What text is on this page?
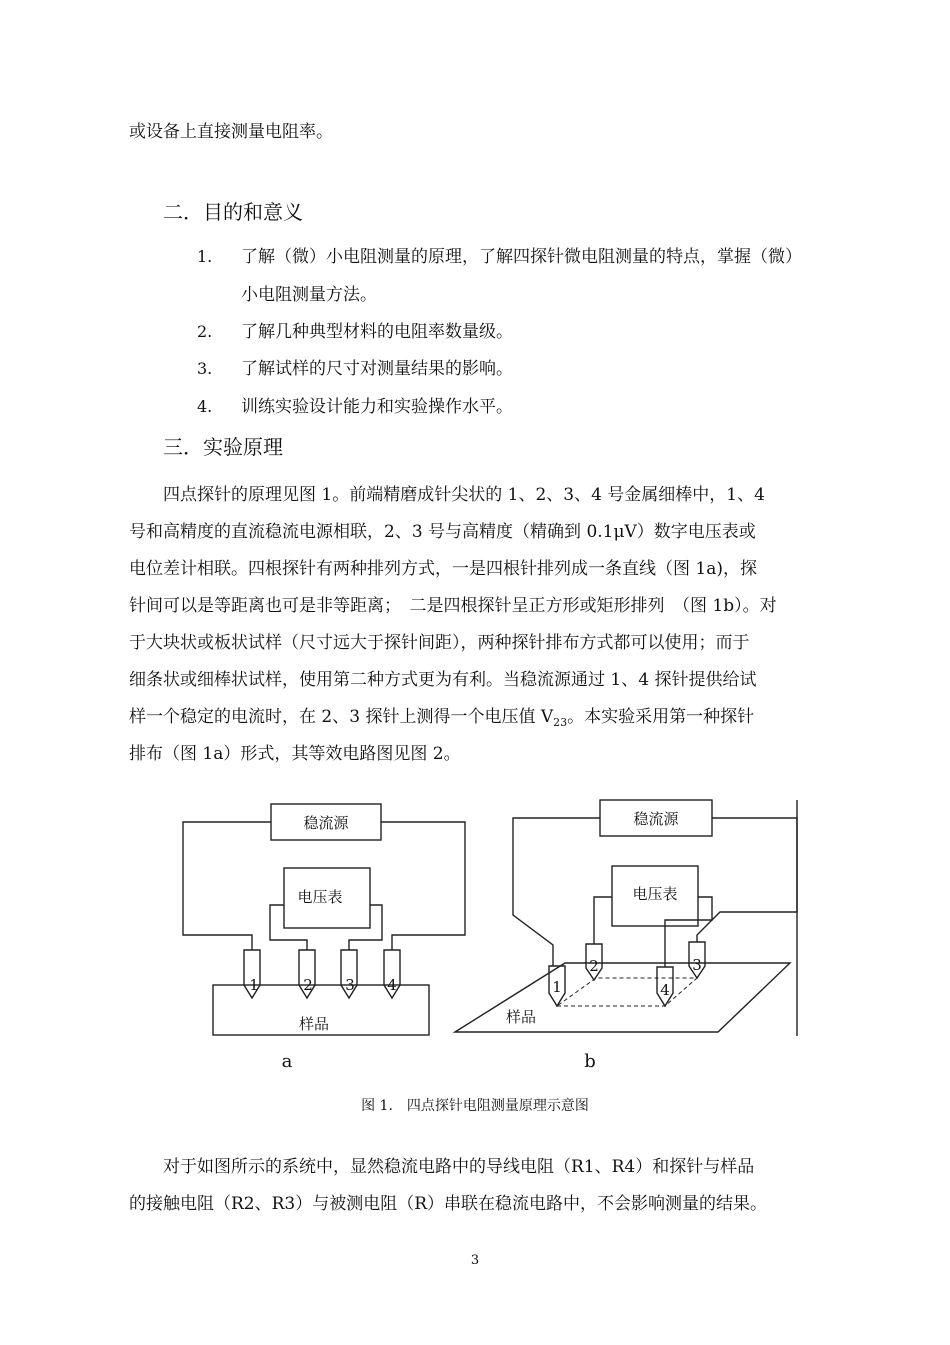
或设备上直接测量电阻率。
二．目的和意义
1. 了解（微）小电阻测量的原理，了解四探针微电阻测量的特点，掌握（微）
小电阻测量方法。
2. 了解几种典型材料的电阻率数量级。
3. 了解试样的尺寸对测量结果的影响。
4. 训练实验设计能力和实验操作水平。
三．实验原理
四点探针的原理见图 1。前端精磨成针尖状的 1、2、3、4 号金属细棒中，1、4
号和高精度的直流稳流电源相联，2、3 号与高精度（精确到 0.1μV）数字电压表或
电位差计相联。四根探针有两种排列方式，一是四根针排列成一条直线（图 1a)，探
针间可以是等距离也可是非等距离；　二是四根探针呈正方形或矩形排列　（图 1b）。对
于大块状或板状试样（尺寸远大于探针间距），两种探针排布方式都可以使用；而于
细条状或细棒状试样，使用第二种方式更为有利。当稳流源通过 1、4 探针提供给试
样一个稳定的电流时，在 2、3 探针上测得一个电压值 $V_{23}$。本实验采用第一种探针
排布（图 1a）形式，其等效电路图见图 2。
稳流源
电压表
样品
1	2 3 4
a
稳流源
电压表
样品
1
2
4
3
b
图 1.　四点探针电阻测量原理示意图
对于如图所示的系统中，显然稳流电路中的导线电阻（R1、R4）和探针与样品
的接触电阻（R2、R3）与被测电阻（R）串联在稳流电路中，不会影响测量的结果。
3
